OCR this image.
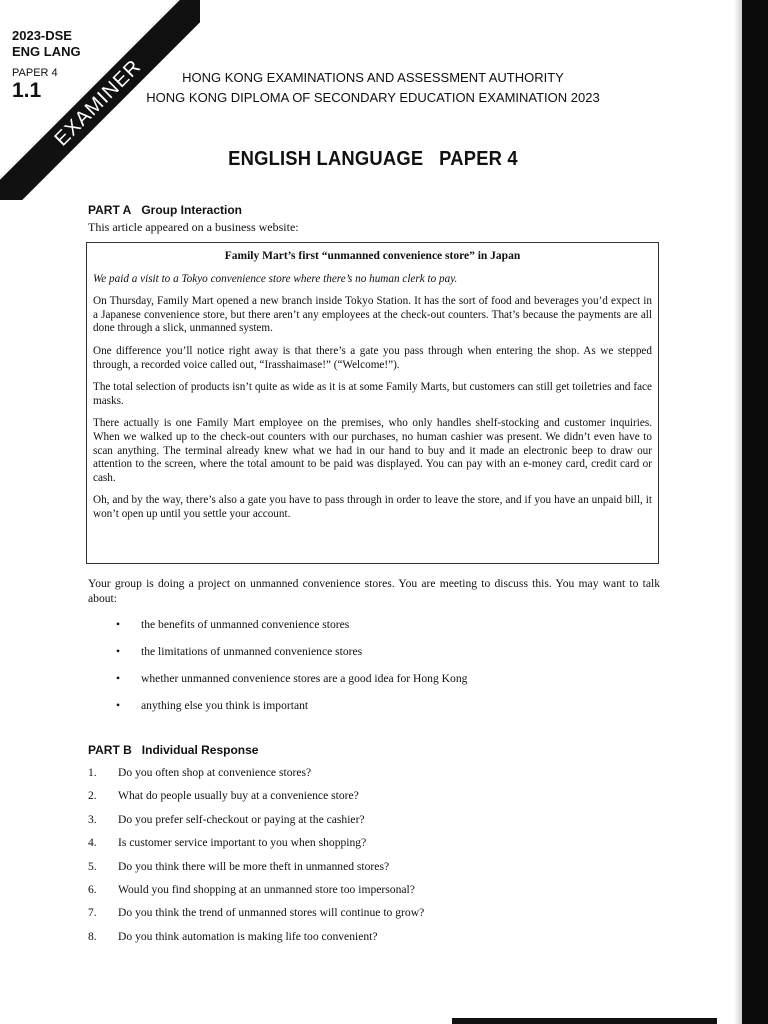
EXAMINER
2023-DSE
ENG LANG
PAPER 4
1.1
HONG KONG EXAMINATIONS AND ASSESSMENT AUTHORITY
HONG KONG DIPLOMA OF SECONDARY EDUCATION EXAMINATION 2023
ENGLISH LANGUAGE   PAPER 4
PART A Group Interaction
This article appeared on a business website:
Family Mart’s first “unmanned convenience store” in Japan
We paid a visit to a Tokyo convenience store where there’s no human clerk to pay.

On Thursday, Family Mart opened a new branch inside Tokyo Station. It has the sort of food and beverages you’d expect in a Japanese convenience store, but there aren’t any employees at the check-out counters. That’s because the payments are all done through a slick, unmanned system.

One difference you’ll notice right away is that there’s a gate you pass through when entering the shop. As we stepped through, a recorded voice called out, “Irasshaimase!” (“Welcome!”).

The total selection of products isn’t quite as wide as it is at some Family Marts, but customers can still get toiletries and face masks.

There actually is one Family Mart employee on the premises, who only handles shelf-stocking and customer inquiries. When we walked up to the check-out counters with our purchases, no human cashier was present. We didn’t even have to scan anything. The terminal already knew what we had in our hand to buy and it made an electronic beep to draw our attention to the screen, where the total amount to be paid was displayed. You can pay with an e-money card, credit card or cash.

Oh, and by the way, there’s also a gate you have to pass through in order to leave the store, and if you have an unpaid bill, it won’t open up until you settle your account.

Your group is doing a project on unmanned convenience stores. You are meeting to discuss this. You may want to talk about:
• the benefits of unmanned convenience stores
• the limitations of unmanned convenience stores
• whether unmanned convenience stores are a good idea for Hong Kong
• anything else you think is important
PART B Individual Response
1. Do you often shop at convenience stores?
2. What do people usually buy at a convenience store?
3. Do you prefer self-checkout or paying at the cashier?
4. Is customer service important to you when shopping?
5. Do you think there will be more theft in unmanned stores?
6. Would you find shopping at an unmanned store too impersonal?
7. Do you think the trend of unmanned stores will continue to grow?
8. Do you think automation is making life too convenient?
